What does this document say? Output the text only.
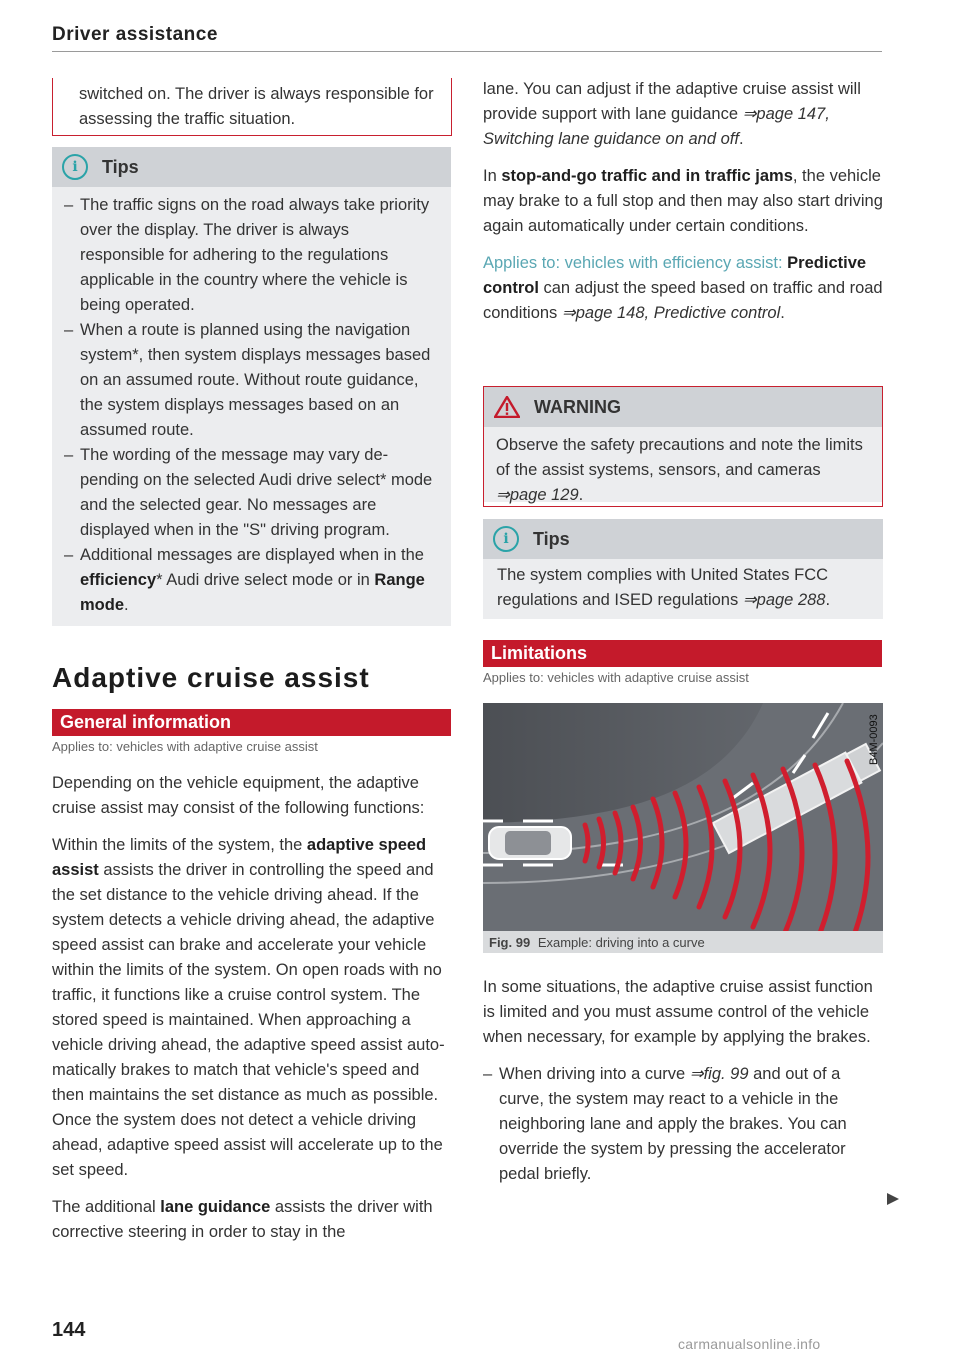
Driver assistance
switched on. The driver is always responsible for assessing the traffic situation.
i	Tips
– The traffic signs on the road always take priority over the display. The driver is always responsible for adhering to the regulations applicable in the country where the vehicle is being operated.
– When a route is planned using the navigation system*, then system displays messages based on an assumed route. Without route guidance, the system displays messages based on an assumed route.
– The wording of the message may vary depending on the selected Audi drive select* mode and the selected gear. No messages are displayed when in the "S" driving program.
– Additional messages are displayed when in the efficiency* Audi drive select mode or in Range mode.
Adaptive cruise assist
General information
Applies to: vehicles with adaptive cruise assist

Depending on the vehicle equipment, the adaptive cruise assist may consist of the following functions:

Within the limits of the system, the adaptive speed assist assists the driver in controlling the speed and the set distance to the vehicle driving ahead. If the system detects a vehicle driving ahead, the adaptive speed assist can brake and accelerate your vehicle within the limits of the system. On open roads with no traffic, it functions like a cruise control system. The stored speed is maintained. When approaching a vehicle driving ahead, the adaptive speed assist automatically brakes to match that vehicle's speed and then maintains the set distance as much as possible. Once the system does not detect a vehicle driving ahead, adaptive speed assist will accelerate up to the set speed.

The additional lane guidance assists the driver with corrective steering in order to stay in the

144

lane. You can adjust if the adaptive cruise assist will provide support with lane guidance ⇒page 147, Switching lane guidance on and off.

In stop-and-go traffic and in traffic jams, the vehicle may brake to a full stop and then may also start driving again automatically under certain conditions.

Applies to: vehicles with efficiency assist: Predictive control can adjust the speed based on traffic and road conditions ⇒page 148, Predictive control.

WARNING
Observe the safety precautions and note the limits of the assist systems, sensors, and cameras ⇒page 129.
i	Tips
The system complies with United States FCC regulations and ISED regulations ⇒page 288.
Limitations
Applies to: vehicles with adaptive cruise assist
B4M-0093
Fig. 99 Example: driving into a curve

In some situations, the adaptive cruise assist function is limited and you must assume control of the vehicle when necessary, for example by applying the brakes.

– When driving into a curve ⇒fig. 99 and out of a curve, the system may react to a vehicle in the neighboring lane and apply the brakes. You can override the system by pressing the accelerator pedal briefly.
carmanualsonline.info
